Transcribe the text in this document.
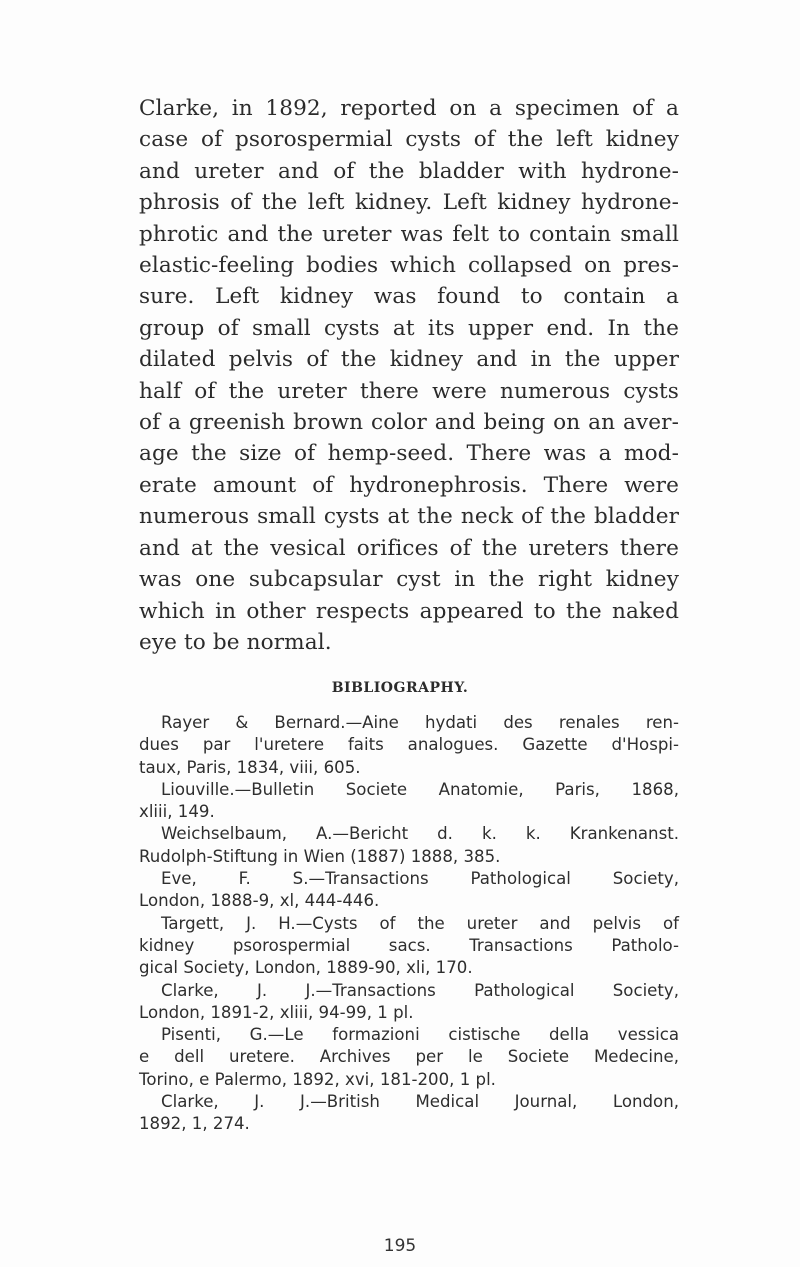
Clarke, in 1892, reported on a specimen of a
case of psorospermial cysts of the left kidney
and ureter and of the bladder with hydrone-
phrosis of the left kidney. Left kidney hydrone-
phrotic and the ureter was felt to contain small
elastic-feeling bodies which collapsed on pres-
sure. Left kidney was found to contain a
group of small cysts at its upper end. In the
dilated pelvis of the kidney and in the upper
half of the ureter there were numerous cysts
of a greenish brown color and being on an aver-
age the size of hemp-seed. There was a mod-
erate amount of hydronephrosis. There were
numerous small cysts at the neck of the bladder
and at the vesical orifices of the ureters there
was one subcapsular cyst in the right kidney
which in other respects appeared to the naked
eye to be normal.
BIBLIOGRAPHY.
Rayer & Bernard.—Aine hydati des renales ren-
dues par l'uretere faits analogues. Gazette d'Hospi-
taux, Paris, 1834, viii, 605.
Liouville.—Bulletin Societe Anatomie, Paris, 1868,
xliii, 149.
Weichselbaum, A.—Bericht d. k. k. Krankenanst.
Rudolph-Stiftung in Wien (1887) 1888, 385.
Eve, F. S.—Transactions Pathological Society,
London, 1888-9, xl, 444-446.
Targett, J. H.—Cysts of the ureter and pelvis of
kidney psorospermial sacs. Transactions Patholo-
gical Society, London, 1889-90, xli, 170.
Clarke, J. J.—Transactions Pathological Society,
London, 1891-2, xliii, 94-99, 1 pl.
Pisenti, G.—Le formazioni cistische della vessica
e dell uretere. Archives per le Societe Medecine,
Torino, e Palermo, 1892, xvi, 181-200, 1 pl.
Clarke, J. J.—British Medical Journal, London,
1892, 1, 274.
195
